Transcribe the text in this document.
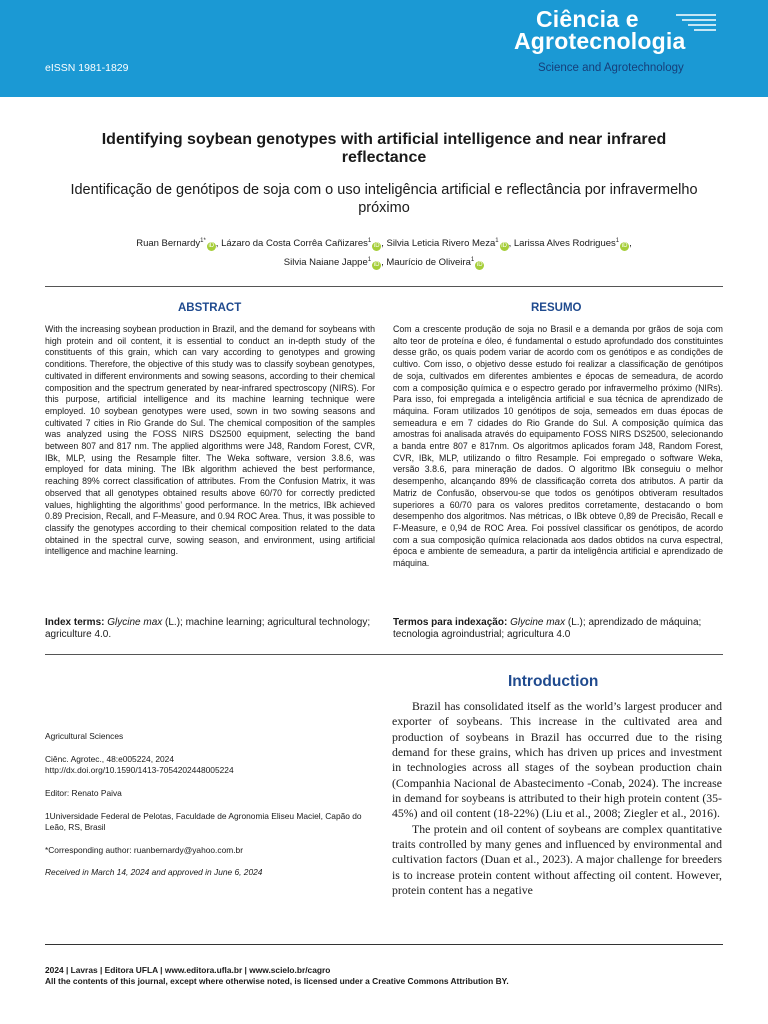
eISSN 1981-1829
Ciência e
Agrotecnologia
Science and Agrotechnology
Identifying soybean genotypes with artificial intelligence and near infrared reflectance
Identificação de genótipos de soja com o uso inteligência artificial e reflectância por infravermelho próximo
Ruan Bernardy$^{1*}$iD , Lázaro da Costa Corrêa Cañizares$^1$iD , Silvia Leticia Rivero Meza$^1$iD , Larissa Alves Rodrigues$^1$iD ,
Silvia Naiane Jappe$^1$iD , Maurício de Oliveira$^1$iD
ABSTRACT	RESUMO
With the increasing soybean production in Brazil, and the demand for soybeans with high protein and oil content, it is essential to conduct an in-depth study of the constituents of this grain, which can vary according to genotypes and growing conditions. Therefore, the objective of this study was to classify soybean genotypes, cultivated in different environments and sowing seasons, according to their chemical composition and the spectrum generated by near-infrared spectroscopy (NIRS). For this purpose, artificial intelligence and its machine learning technique were employed. 10 soybean genotypes were used, sown in two sowing seasons and cultivated 7 cities in Rio Grande do Sul. The chemical composition of the samples was analyzed using the FOSS NIRS DS2500 equipment, selecting the band between 807 and 817 nm. The applied algorithms were J48, Random Forest, CVR, IBk, MLP, using the Resample filter. The Weka software, version 3.8.6, was employed for data mining. The IBk algorithm achieved the best performance, reaching 89% correct classification of attributes. From the Confusion Matrix, it was observed that all genotypes obtained results above 60/70 for correctly predicted values, highlighting the algorithms’ good performance. In the metrics, IBk achieved 0.89 Precision, Recall, and F-Measure, and 0.94 ROC Area. Thus, it was possible to classify the genotypes according to their chemical composition related to the data obtained in the spectral curve, sowing season, and environment, using artificial intelligence and machine learning.
Com a crescente produção de soja no Brasil e a demanda por grãos de soja com alto teor de proteína e óleo, é fundamental o estudo aprofundado dos constituintes desse grão, os quais podem variar de acordo com os genótipos e as condições de cultivo. Com isso, o objetivo desse estudo foi realizar a classificação de genótipos de soja, cultivados em diferentes ambientes e épocas de semeadura, de acordo com a composição química e o espectro gerado por infravermelho próximo (NIRs). Para isso, foi empregada a inteligência artificial e sua técnica de aprendizado de máquina. Foram utilizados 10 genótipos de soja, semeados em duas épocas de semeadura e em 7 cidades do Rio Grande do Sul. A composição química das amostras foi analisada através do equipamento FOSS NIRS DS2500, selecionando a banda entre 807 e 817nm. Os algoritmos aplicados foram J48, Random Forest, CVR, IBk, MLP, utilizando o filtro Resample. Foi empregado o software Weka, versão 3.8.6, para mineração de dados. O algoritmo IBk conseguiu o melhor desempenho, alcançando 89% de classificação correta dos atributos. A partir da Matriz de Confusão, observou-se que todos os genótipos obtiveram resultados superiores a 60/70 para os valores preditos corretamente, destacando o bom desempenho dos algoritmos. Nas métricas, o IBk obteve 0,89 de Precisão, Recall e F-Measure, e 0,94 de ROC Area. Foi possível classificar os genótipos, de acordo com a sua composição química relacionada aos dados obtidos na curva espectral, época e ambiente de semeadura, a partir da inteligência artificial e aprendizado de máquina.
Index terms: Glycine max (L.); machine learning; agricultural technology; agriculture 4.0.
Termos para indexação: Glycine max (L.); aprendizado de máquina; tecnologia agroindustrial; agricultura 4.0
Introduction

Brazil has consolidated itself as the world’s largest producer and exporter of soybeans. This increase in the cultivated area and production of soybeans in Brazil has occurred due to the rising demand for these grains, which has driven up prices and investment in technologies across all stages of the soybean production chain (Companhia Nacional de Abastecimento -Conab, 2024). The increase in demand for soybeans is attributed to their high protein content (35-45%) and oil content (18-22%) (Liu et al., 2008; Ziegler et al., 2016).

The protein and oil content of soybeans are complex quantitative traits controlled by many genes and influenced by environmental and cultivation factors (Duan et al., 2023). A major challenge for breeders is to increase protein content without affecting oil content. However, protein content has a negative

Agricultural Sciences
Ciênc. Agrotec., 48:e005224, 2024
http://dx.doi.org/10.1590/1413-7054202448005224
Editor: Renato Paiva
1Universidade Federal de Pelotas, Faculdade de Agronomia Eliseu Maciel, Capão do Leão, RS, Brasil
*Corresponding author: ruanbernardy@yahoo.com.br
Received in March 14, 2024 and approved in June 6, 2024
2024 | Lavras | Editora UFLA | www.editora.ufla.br | www.scielo.br/cagro
All the contents of this journal, except where otherwise noted, is licensed under a Creative Commons Attribution BY.
